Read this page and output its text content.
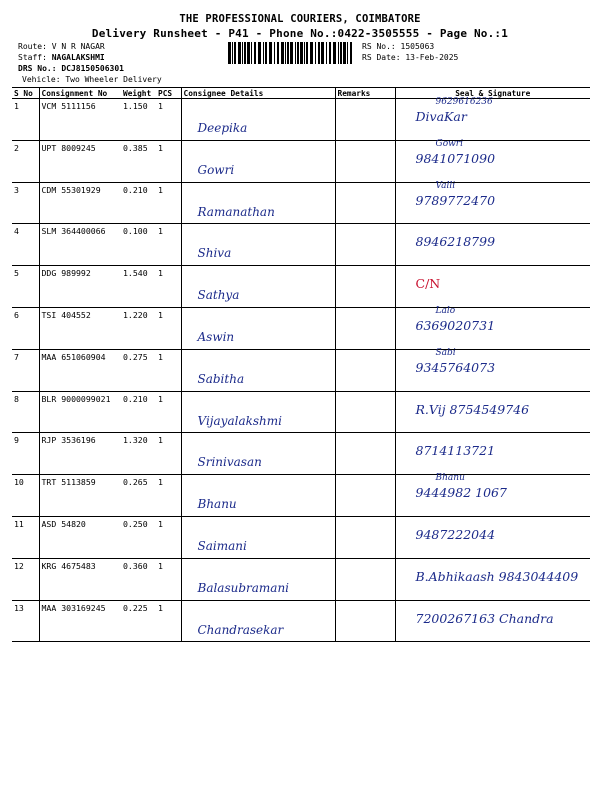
THE PROFESSIONAL COURIERS, COIMBATORE
Delivery Runsheet - P41 - Phone No.:0422-3505555 - Page No.:1
Route: V N R NAGAR
Staff: NAGALAKSHMI
DRS No.: DCJ8150506301
Vehicle: Two Wheeler Delivery
RS No.: 1505063
RS Date: 13-Feb-2025
S No	Consignment No	Weight	PCS	Consignee Details	Remarks	Seal & Signature
1	VCM 5111156	1.150	1	Deepika		DivaKar
9629616236

2	UPT 8009245	0.385	1	Gowri		9841071090
Gowri

3	CDM 55301929	0.210	1	Ramanathan		9789772470
Valli

4	SLM 364400066	0.100	1	Shiva		8946218799

5	DDG 989992	1.540	1	Sathya		C/N

6	TSI 404552	1.220	1	Aswin		6369020731
Lalo

7	MAA 651060904	0.275	1	Sabitha		9345764073
Sabi

8	BLR 9000099021	0.210	1	Vijayalakshmi		R.Vij 8754549746

9	RJP 3536196	1.320	1	Srinivasan		8714113721

10	TRT 5113859	0.265	1	Bhanu		9444982 1067
Bhanu

11	ASD 54820	0.250	1	Saimani		9487222044

12	KRG 4675483	0.360	1	Balasubramani		B.Abhikaash 9843044409

13	MAA 303169245	0.225	1	Chandrasekar		7200267163 Chandra
